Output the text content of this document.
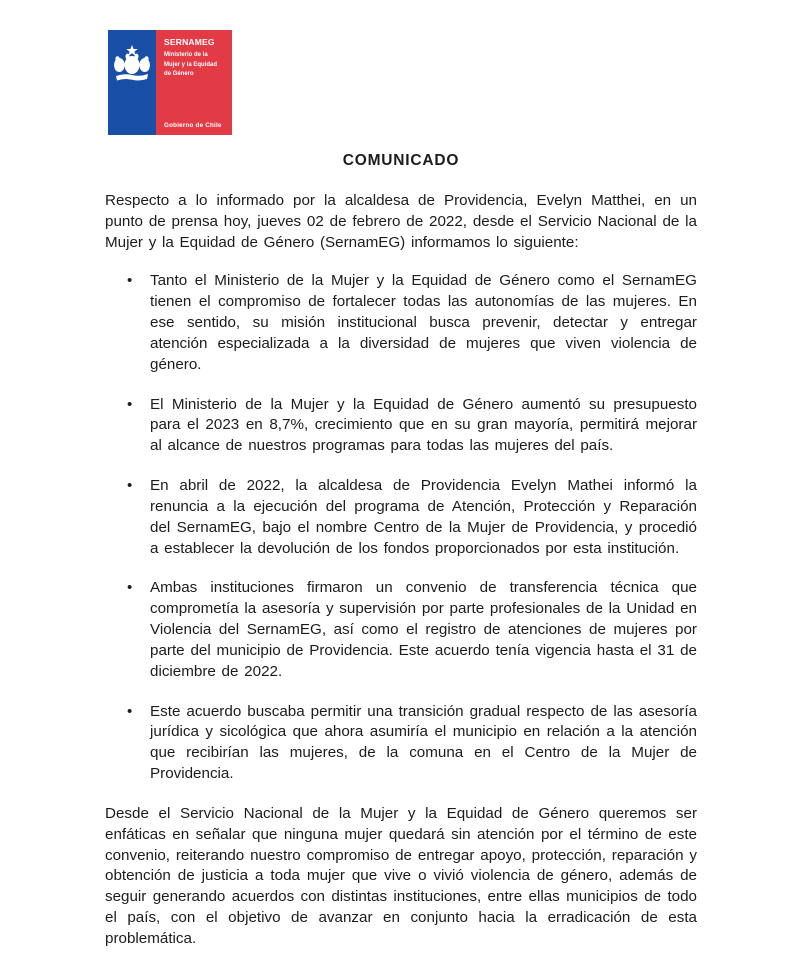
SERNAMEG
Ministerio de la
Mujer y la Equidad
de Género
Gobierno de Chile
COMUNICADO

Respecto a lo informado por la alcaldesa de Providencia, Evelyn Matthei, en un punto de prensa hoy, jueves 02 de febrero de 2022, desde el Servicio Nacional de la Mujer y la Equidad de Género (SernamEG) informamos lo siguiente:

• Tanto el Ministerio de la Mujer y la Equidad de Género como el SernamEG tienen el compromiso de fortalecer todas las autonomías de las mujeres. En ese sentido, su misión institucional busca prevenir, detectar y entregar atención especializada a la diversidad de mujeres que viven violencia de género.
• El Ministerio de la Mujer y la Equidad de Género aumentó su presupuesto para el 2023 en 8,7%, crecimiento que en su gran mayoría, permitirá mejorar al alcance de nuestros programas para todas las mujeres del país.
• En abril de 2022, la alcaldesa de Providencia Evelyn Mathei informó la renuncia a la ejecución del programa de Atención, Protección y Reparación del SernamEG, bajo el nombre Centro de la Mujer de Providencia, y procedió a establecer la devolución de los fondos proporcionados por esta institución.
• Ambas instituciones firmaron un convenio de transferencia técnica que comprometía la asesoría y supervisión por parte profesionales de la Unidad en Violencia del SernamEG, así como el registro de atenciones de mujeres por parte del municipio de Providencia. Este acuerdo tenía vigencia hasta el 31 de diciembre de 2022.
• Este acuerdo buscaba permitir una transición gradual respecto de las asesoría jurídica y sicológica que ahora asumiría el municipio en relación a la atención que recibirían las mujeres, de la comuna en el Centro de la Mujer de Providencia.

Desde el Servicio Nacional de la Mujer y la Equidad de Género queremos ser enfáticas en señalar que ninguna mujer quedará sin atención por el término de este convenio, reiterando nuestro compromiso de entregar apoyo, protección, reparación y obtención de justicia a toda mujer que vive o vivió violencia de género, además de seguir generando acuerdos con distintas instituciones, entre ellas municipios de todo el país, con el objetivo de avanzar en conjunto hacia la erradicación de esta problemática.
